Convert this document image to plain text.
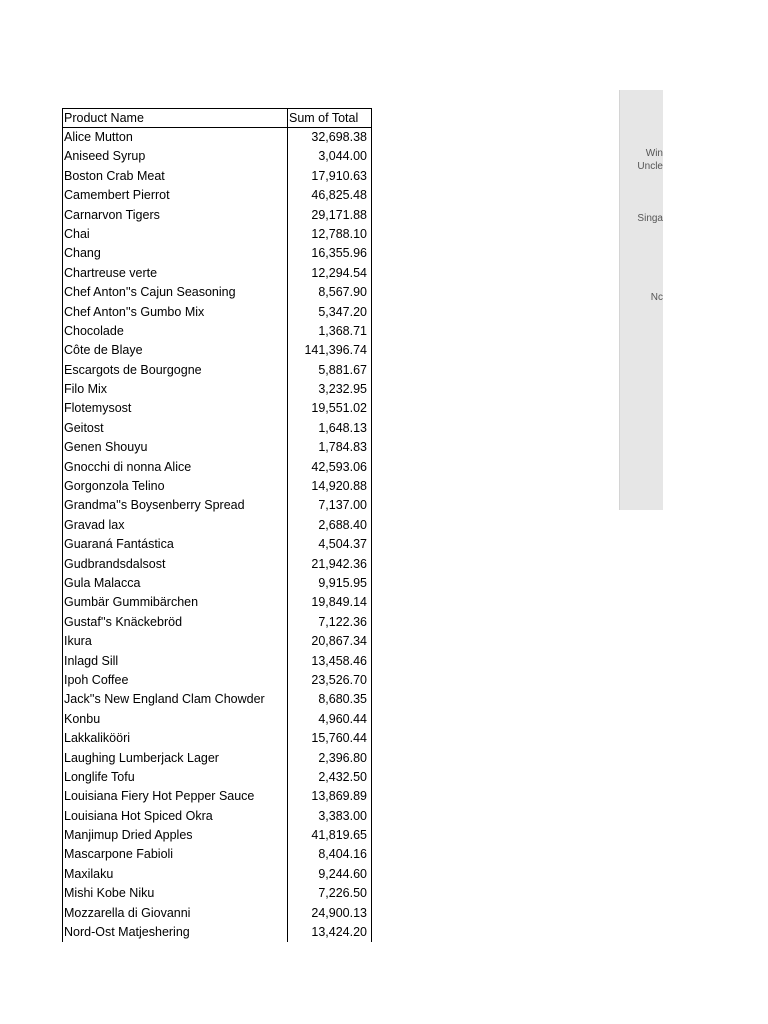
Product Name	Sum of Total
Alice Mutton	32,698.38
Aniseed Syrup	3,044.00
Boston Crab Meat	17,910.63
Camembert Pierrot	46,825.48
Carnarvon Tigers	29,171.88
Chai	12,788.10
Chang	16,355.96
Chartreuse verte	12,294.54
Chef Anton''s Cajun Seasoning	8,567.90
Chef Anton''s Gumbo Mix	5,347.20
Chocolade	1,368.71
Côte de Blaye	141,396.74
Escargots de Bourgogne	5,881.67
Filo Mix	3,232.95
Flotemysost	19,551.02
Geitost	1,648.13
Genen Shouyu	1,784.83
Gnocchi di nonna Alice	42,593.06
Gorgonzola Telino	14,920.88
Grandma''s Boysenberry Spread	7,137.00
Gravad lax	2,688.40
Guaraná Fantástica	4,504.37
Gudbrandsdalsost	21,942.36
Gula Malacca	9,915.95
Gumbär Gummibärchen	19,849.14
Gustaf''s Knäckebröd	7,122.36
Ikura	20,867.34
Inlagd Sill	13,458.46
Ipoh Coffee	23,526.70
Jack''s New England Clam Chowder	8,680.35
Konbu	4,960.44
Lakkalikööri	15,760.44
Laughing Lumberjack Lager	2,396.80
Longlife Tofu	2,432.50
Louisiana Fiery Hot Pepper Sauce	13,869.89
Louisiana Hot Spiced Okra	3,383.00
Manjimup Dried Apples	41,819.65
Mascarpone Fabioli	8,404.16
Maxilaku	9,244.60
Mishi Kobe Niku	7,226.50
Mozzarella di Giovanni	24,900.13
Nord-Ost Matjeshering	13,424.20
Win
Uncle
Singa
Nc
